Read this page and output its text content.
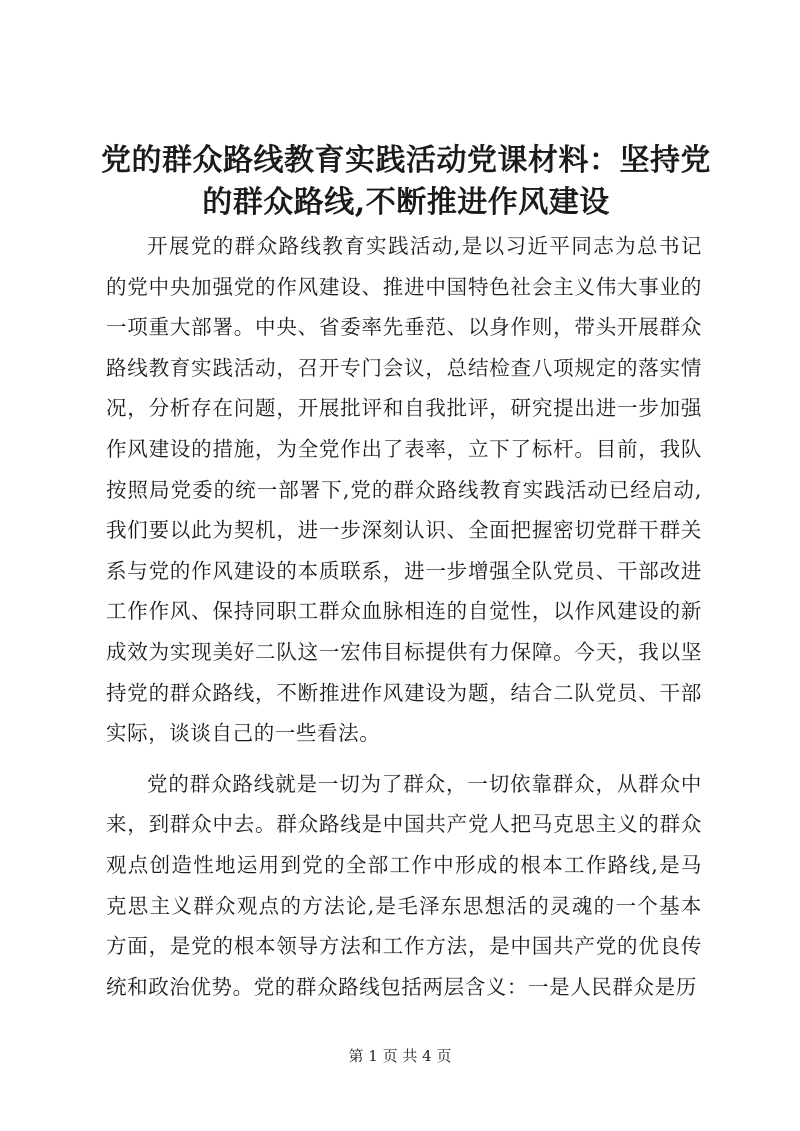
党的群众路线教育实践活动党课材料：坚持党的群众路线,不断推进作风建设

开展党的群众路线教育实践活动,是以习近平同志为总书记的党中央加强党的作风建设、推进中国特色社会主义伟大事业的一项重大部署。中央、省委率先垂范、以身作则，带头开展群众路线教育实践活动，召开专门会议，总结检查八项规定的落实情况，分析存在问题，开展批评和自我批评，研究提出进一步加强作风建设的措施，为全党作出了表率，立下了标杆。目前，我队按照局党委的统一部署下,党的群众路线教育实践活动已经启动,我们要以此为契机，进一步深刻认识、全面把握密切党群干群关系与党的作风建设的本质联系，进一步增强全队党员、干部改进工作作风、保持同职工群众血脉相连的自觉性，以作风建设的新成效为实现美好二队这一宏伟目标提供有力保障。今天，我以坚持党的群众路线，不断推进作风建设为题，结合二队党员、干部实际，谈谈自己的一些看法。

党的群众路线就是一切为了群众，一切依靠群众，从群众中来，到群众中去。群众路线是中国共产党人把马克思主义的群众观点创造性地运用到党的全部工作中形成的根本工作路线,是马克思主义群众观点的方法论,是毛泽东思想活的灵魂的一个基本方面，是党的根本领导方法和工作方法，是中国共产党的优良传统和政治优势。党的群众路线包括两层含义：一是人民群众是历

第 1 页 共 4 页
